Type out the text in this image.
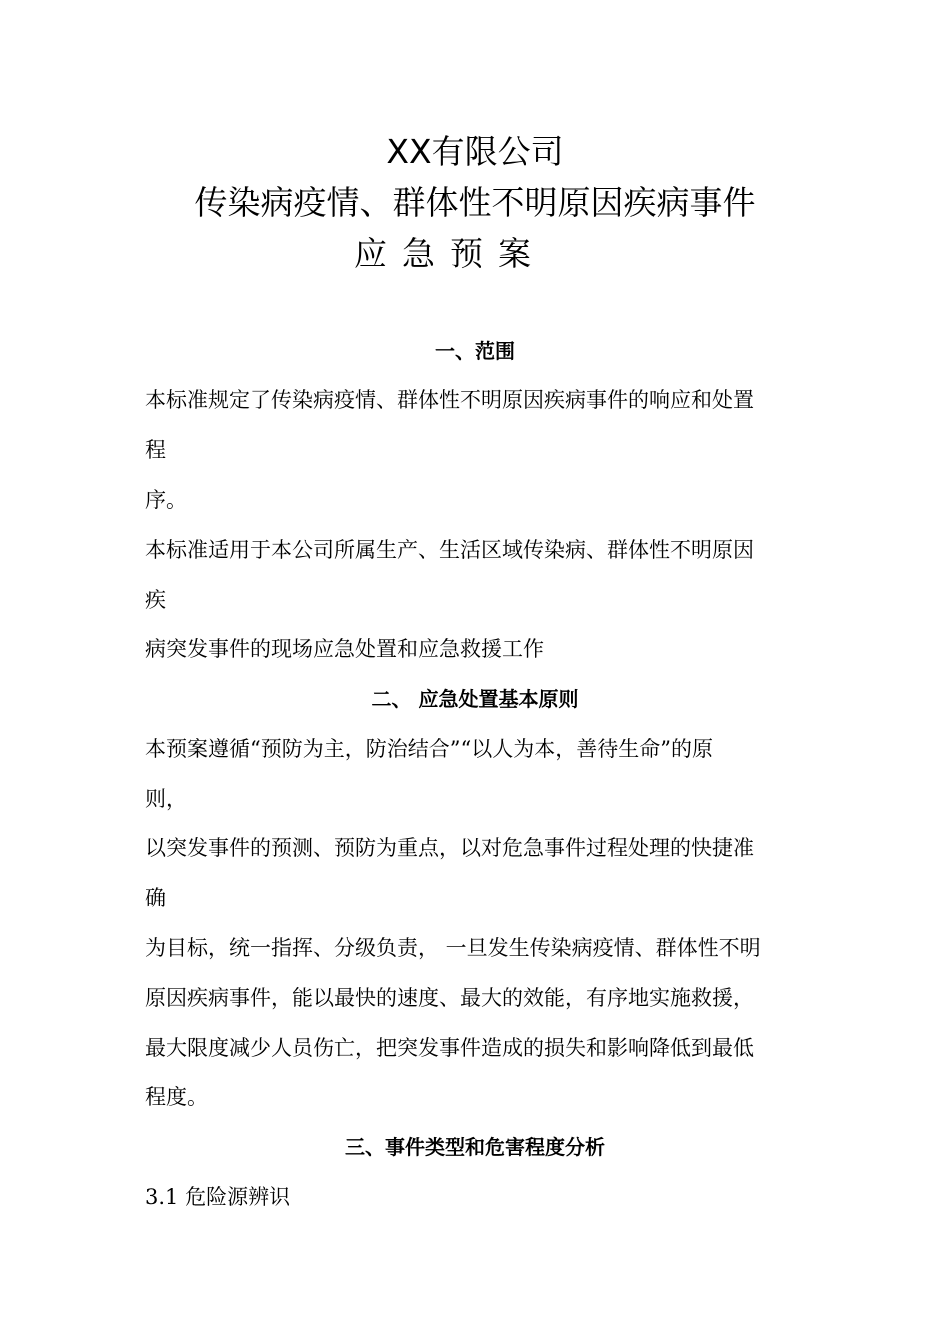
XX有限公司
传染病疫情、群体性不明原因疾病事件
应急预案
一、范围
本标准规定了传染病疫情、群体性不明原因疾病事件的响应和处置
程
序。
本标准适用于本公司所属生产、生活区域传染病、群体性不明原因
疾
病突发事件的现场应急处置和应急救援工作
二、 应急处置基本原则
本预案遵循“预防为主，防治结合”“以人为本，善待生命”的原
则，
以突发事件的预测、预防为重点，以对危急事件过程处理的快捷准
确
为目标，统一指挥、分级负责， 一旦发生传染病疫情、群体性不明
原因疾病事件，能以最快的速度、最大的效能，有序地实施救援，
最大限度减少人员伤亡，把突发事件造成的损失和影响降低到最低
程度。
三、事件类型和危害程度分析
3.1 危险源辨识
